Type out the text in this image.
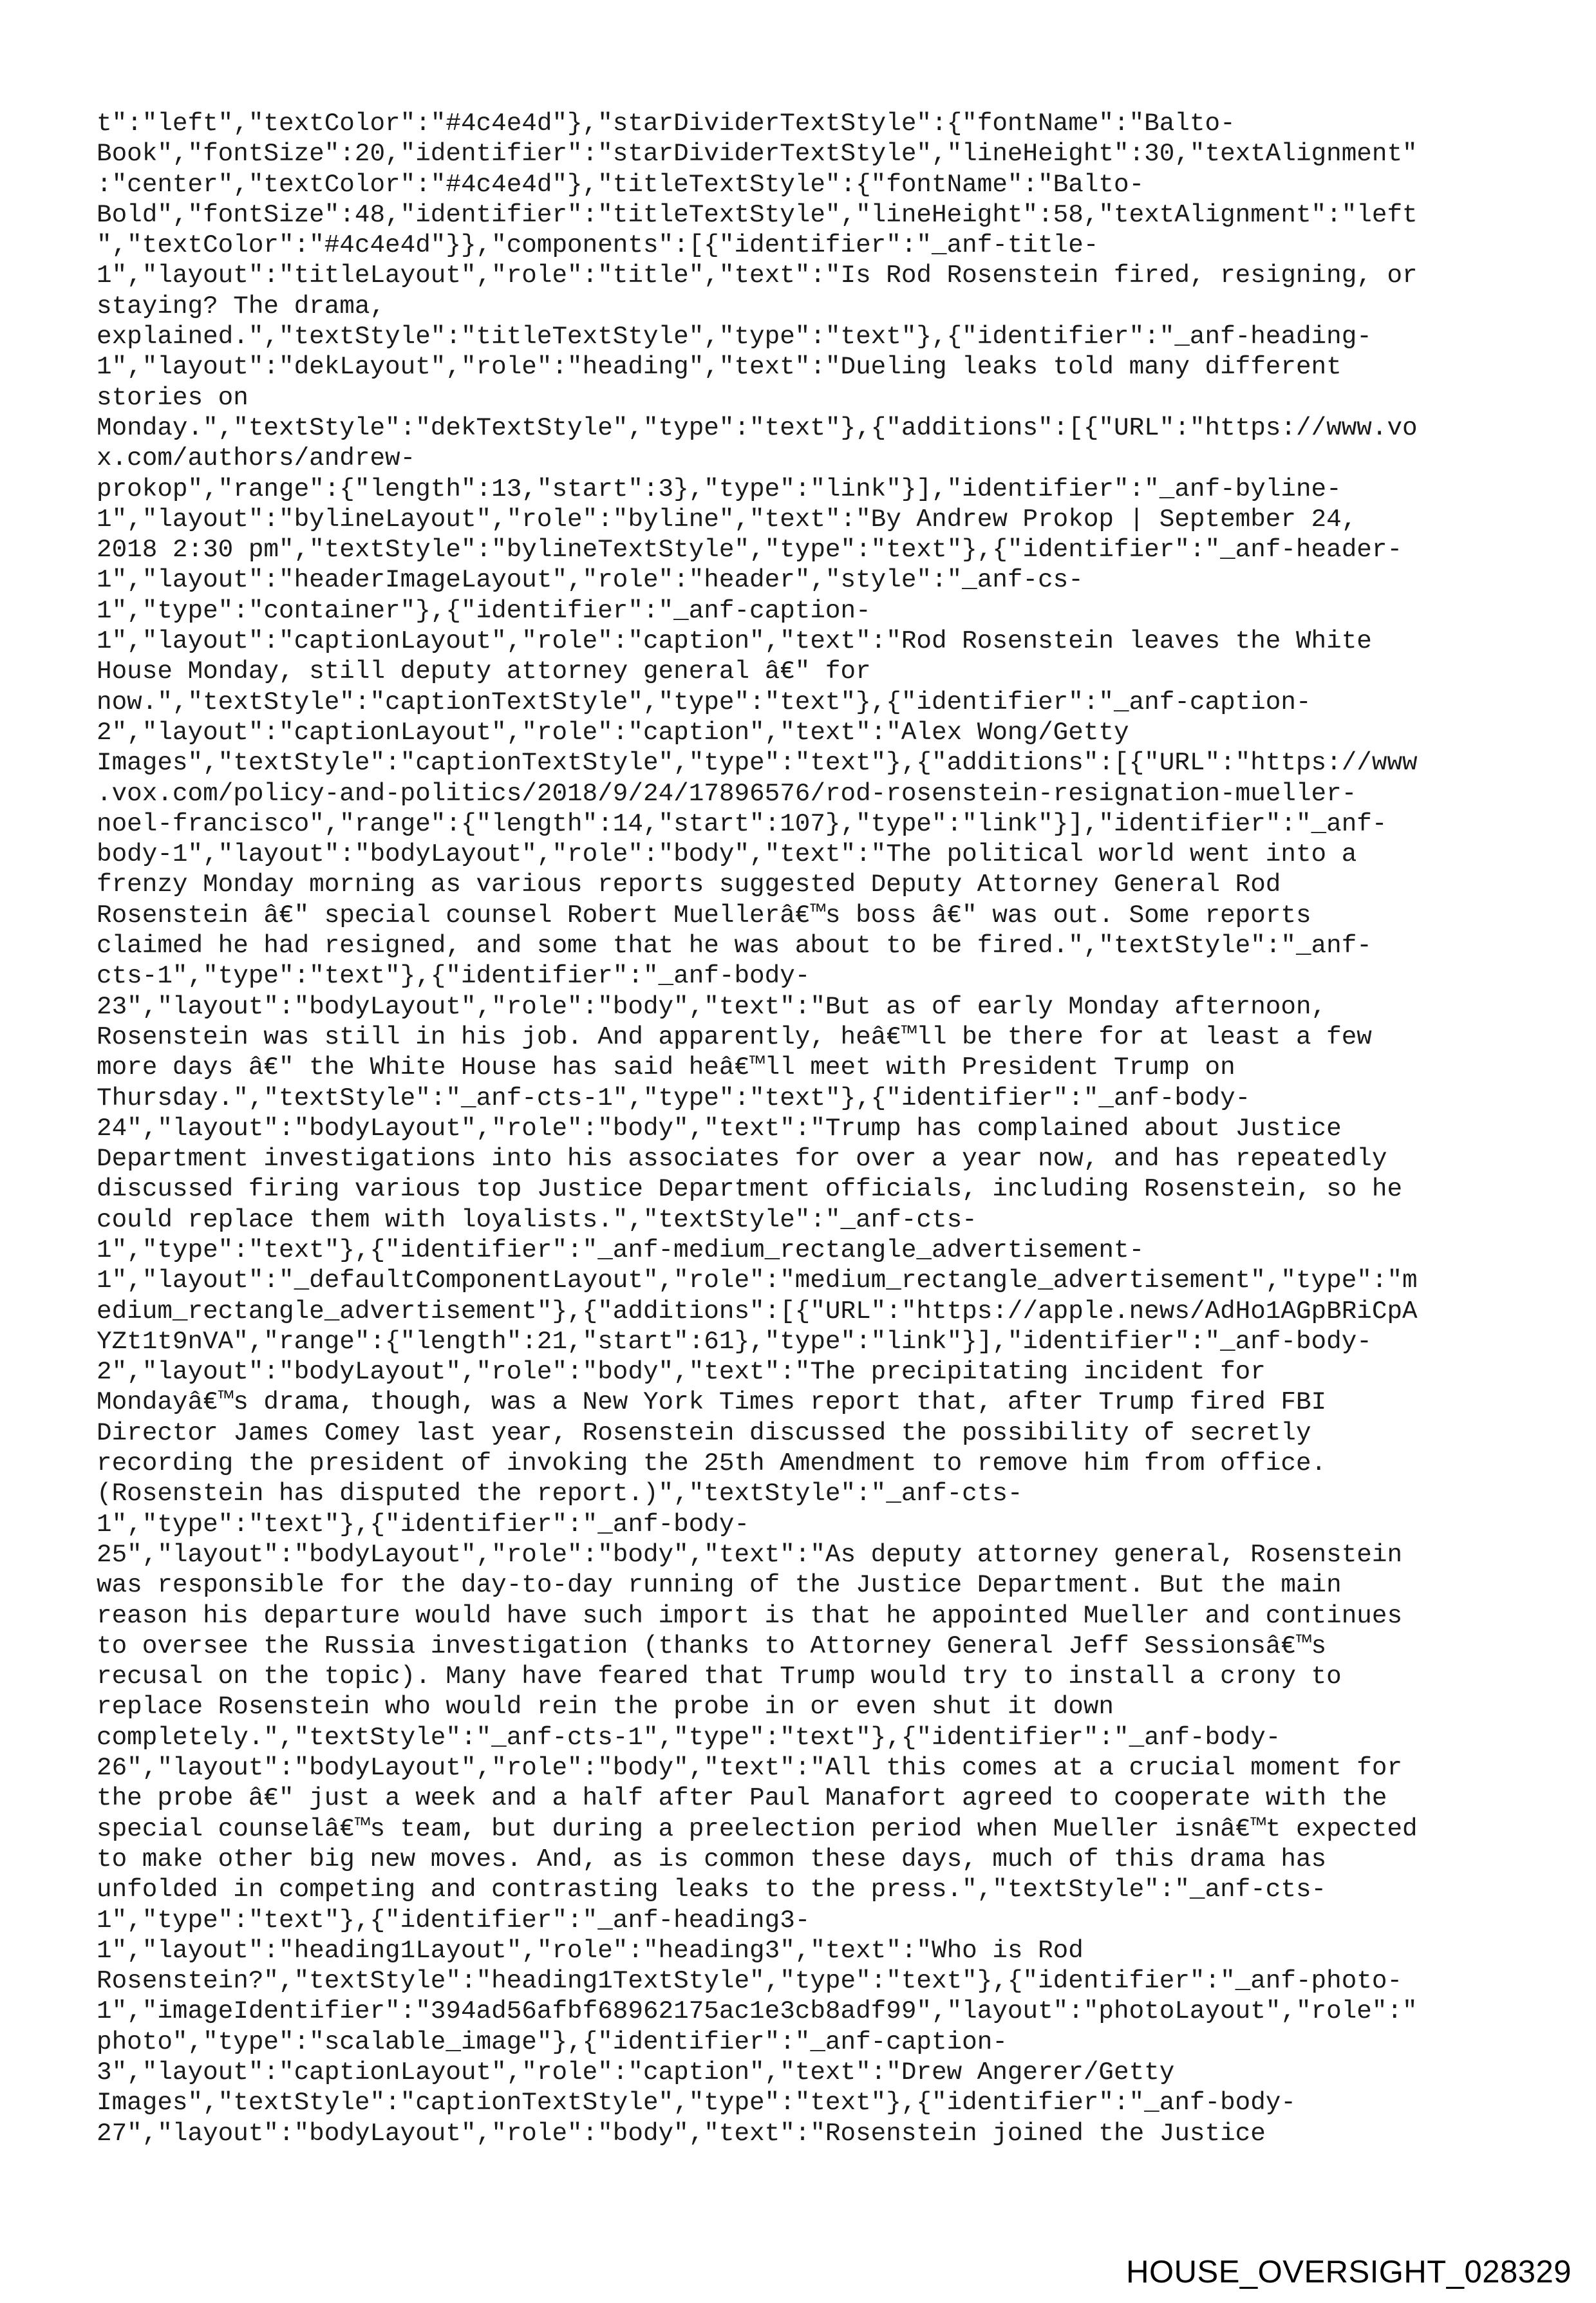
t":"left","textColor":"#4c4e4d"},"starDividerTextStyle":{"fontName":"Balto-
Book","fontSize":20,"identifier":"starDividerTextStyle","lineHeight":30,"textAlignment"
:"center","textColor":"#4c4e4d"},"titleTextStyle":{"fontName":"Balto-
Bold","fontSize":48,"identifier":"titleTextStyle","lineHeight":58,"textAlignment":"left
","textColor":"#4c4e4d"}},"components":[{"identifier":"_anf-title-
1","layout":"titleLayout","role":"title","text":"Is Rod Rosenstein fired, resigning, or
staying? The drama,
explained.","textStyle":"titleTextStyle","type":"text"},{"identifier":"_anf-heading-
1","layout":"dekLayout","role":"heading","text":"Dueling leaks told many different
stories on
Monday.","textStyle":"dekTextStyle","type":"text"},{"additions":[{"URL":"https://www.vo
x.com/authors/andrew-
prokop","range":{"length":13,"start":3},"type":"link"}],"identifier":"_anf-byline-
1","layout":"bylineLayout","role":"byline","text":"By Andrew Prokop | September 24,
2018 2:30 pm","textStyle":"bylineTextStyle","type":"text"},{"identifier":"_anf-header-
1","layout":"headerImageLayout","role":"header","style":"_anf-cs-
1","type":"container"},{"identifier":"_anf-caption-
1","layout":"captionLayout","role":"caption","text":"Rod Rosenstein leaves the White
House Monday, still deputy attorney general â€" for
now.","textStyle":"captionTextStyle","type":"text"},{"identifier":"_anf-caption-
2","layout":"captionLayout","role":"caption","text":"Alex Wong/Getty
Images","textStyle":"captionTextStyle","type":"text"},{"additions":[{"URL":"https://www
.vox.com/policy-and-politics/2018/9/24/17896576/rod-rosenstein-resignation-mueller-
noel-francisco","range":{"length":14,"start":107},"type":"link"}],"identifier":"_anf-
body-1","layout":"bodyLayout","role":"body","text":"The political world went into a
frenzy Monday morning as various reports suggested Deputy Attorney General Rod
Rosenstein â€" special counsel Robert Muellerâ€™s boss â€" was out. Some reports
claimed he had resigned, and some that he was about to be fired.","textStyle":"_anf-
cts-1","type":"text"},{"identifier":"_anf-body-
23","layout":"bodyLayout","role":"body","text":"But as of early Monday afternoon,
Rosenstein was still in his job. And apparently, heâ€™ll be there for at least a few
more days â€" the White House has said heâ€™ll meet with President Trump on
Thursday.","textStyle":"_anf-cts-1","type":"text"},{"identifier":"_anf-body-
24","layout":"bodyLayout","role":"body","text":"Trump has complained about Justice
Department investigations into his associates for over a year now, and has repeatedly
discussed firing various top Justice Department officials, including Rosenstein, so he
could replace them with loyalists.","textStyle":"_anf-cts-
1","type":"text"},{"identifier":"_anf-medium_rectangle_advertisement-
1","layout":"_defaultComponentLayout","role":"medium_rectangle_advertisement","type":"m
edium_rectangle_advertisement"},{"additions":[{"URL":"https://apple.news/AdHo1AGpBRiCpA
YZt1t9nVA","range":{"length":21,"start":61},"type":"link"}],"identifier":"_anf-body-
2","layout":"bodyLayout","role":"body","text":"The precipitating incident for
Mondayâ€™s drama, though, was a New York Times report that, after Trump fired FBI
Director James Comey last year, Rosenstein discussed the possibility of secretly
recording the president of invoking the 25th Amendment to remove him from office.
(Rosenstein has disputed the report.)","textStyle":"_anf-cts-
1","type":"text"},{"identifier":"_anf-body-
25","layout":"bodyLayout","role":"body","text":"As deputy attorney general, Rosenstein
was responsible for the day-to-day running of the Justice Department. But the main
reason his departure would have such import is that he appointed Mueller and continues
to oversee the Russia investigation (thanks to Attorney General Jeff Sessionsâ€™s
recusal on the topic). Many have feared that Trump would try to install a crony to
replace Rosenstein who would rein the probe in or even shut it down
completely.","textStyle":"_anf-cts-1","type":"text"},{"identifier":"_anf-body-
26","layout":"bodyLayout","role":"body","text":"All this comes at a crucial moment for
the probe â€" just a week and a half after Paul Manafort agreed to cooperate with the
special counselâ€™s team, but during a preelection period when Mueller isnâ€™t expected
to make other big new moves. And, as is common these days, much of this drama has
unfolded in competing and contrasting leaks to the press.","textStyle":"_anf-cts-
1","type":"text"},{"identifier":"_anf-heading3-
1","layout":"heading1Layout","role":"heading3","text":"Who is Rod
Rosenstein?","textStyle":"heading1TextStyle","type":"text"},{"identifier":"_anf-photo-
1","imageIdentifier":"394ad56afbf68962175ac1e3cb8adf99","layout":"photoLayout","role":"
photo","type":"scalable_image"},{"identifier":"_anf-caption-
3","layout":"captionLayout","role":"caption","text":"Drew Angerer/Getty
Images","textStyle":"captionTextStyle","type":"text"},{"identifier":"_anf-body-
27","layout":"bodyLayout","role":"body","text":"Rosenstein joined the Justice
HOUSE_OVERSIGHT_028329
